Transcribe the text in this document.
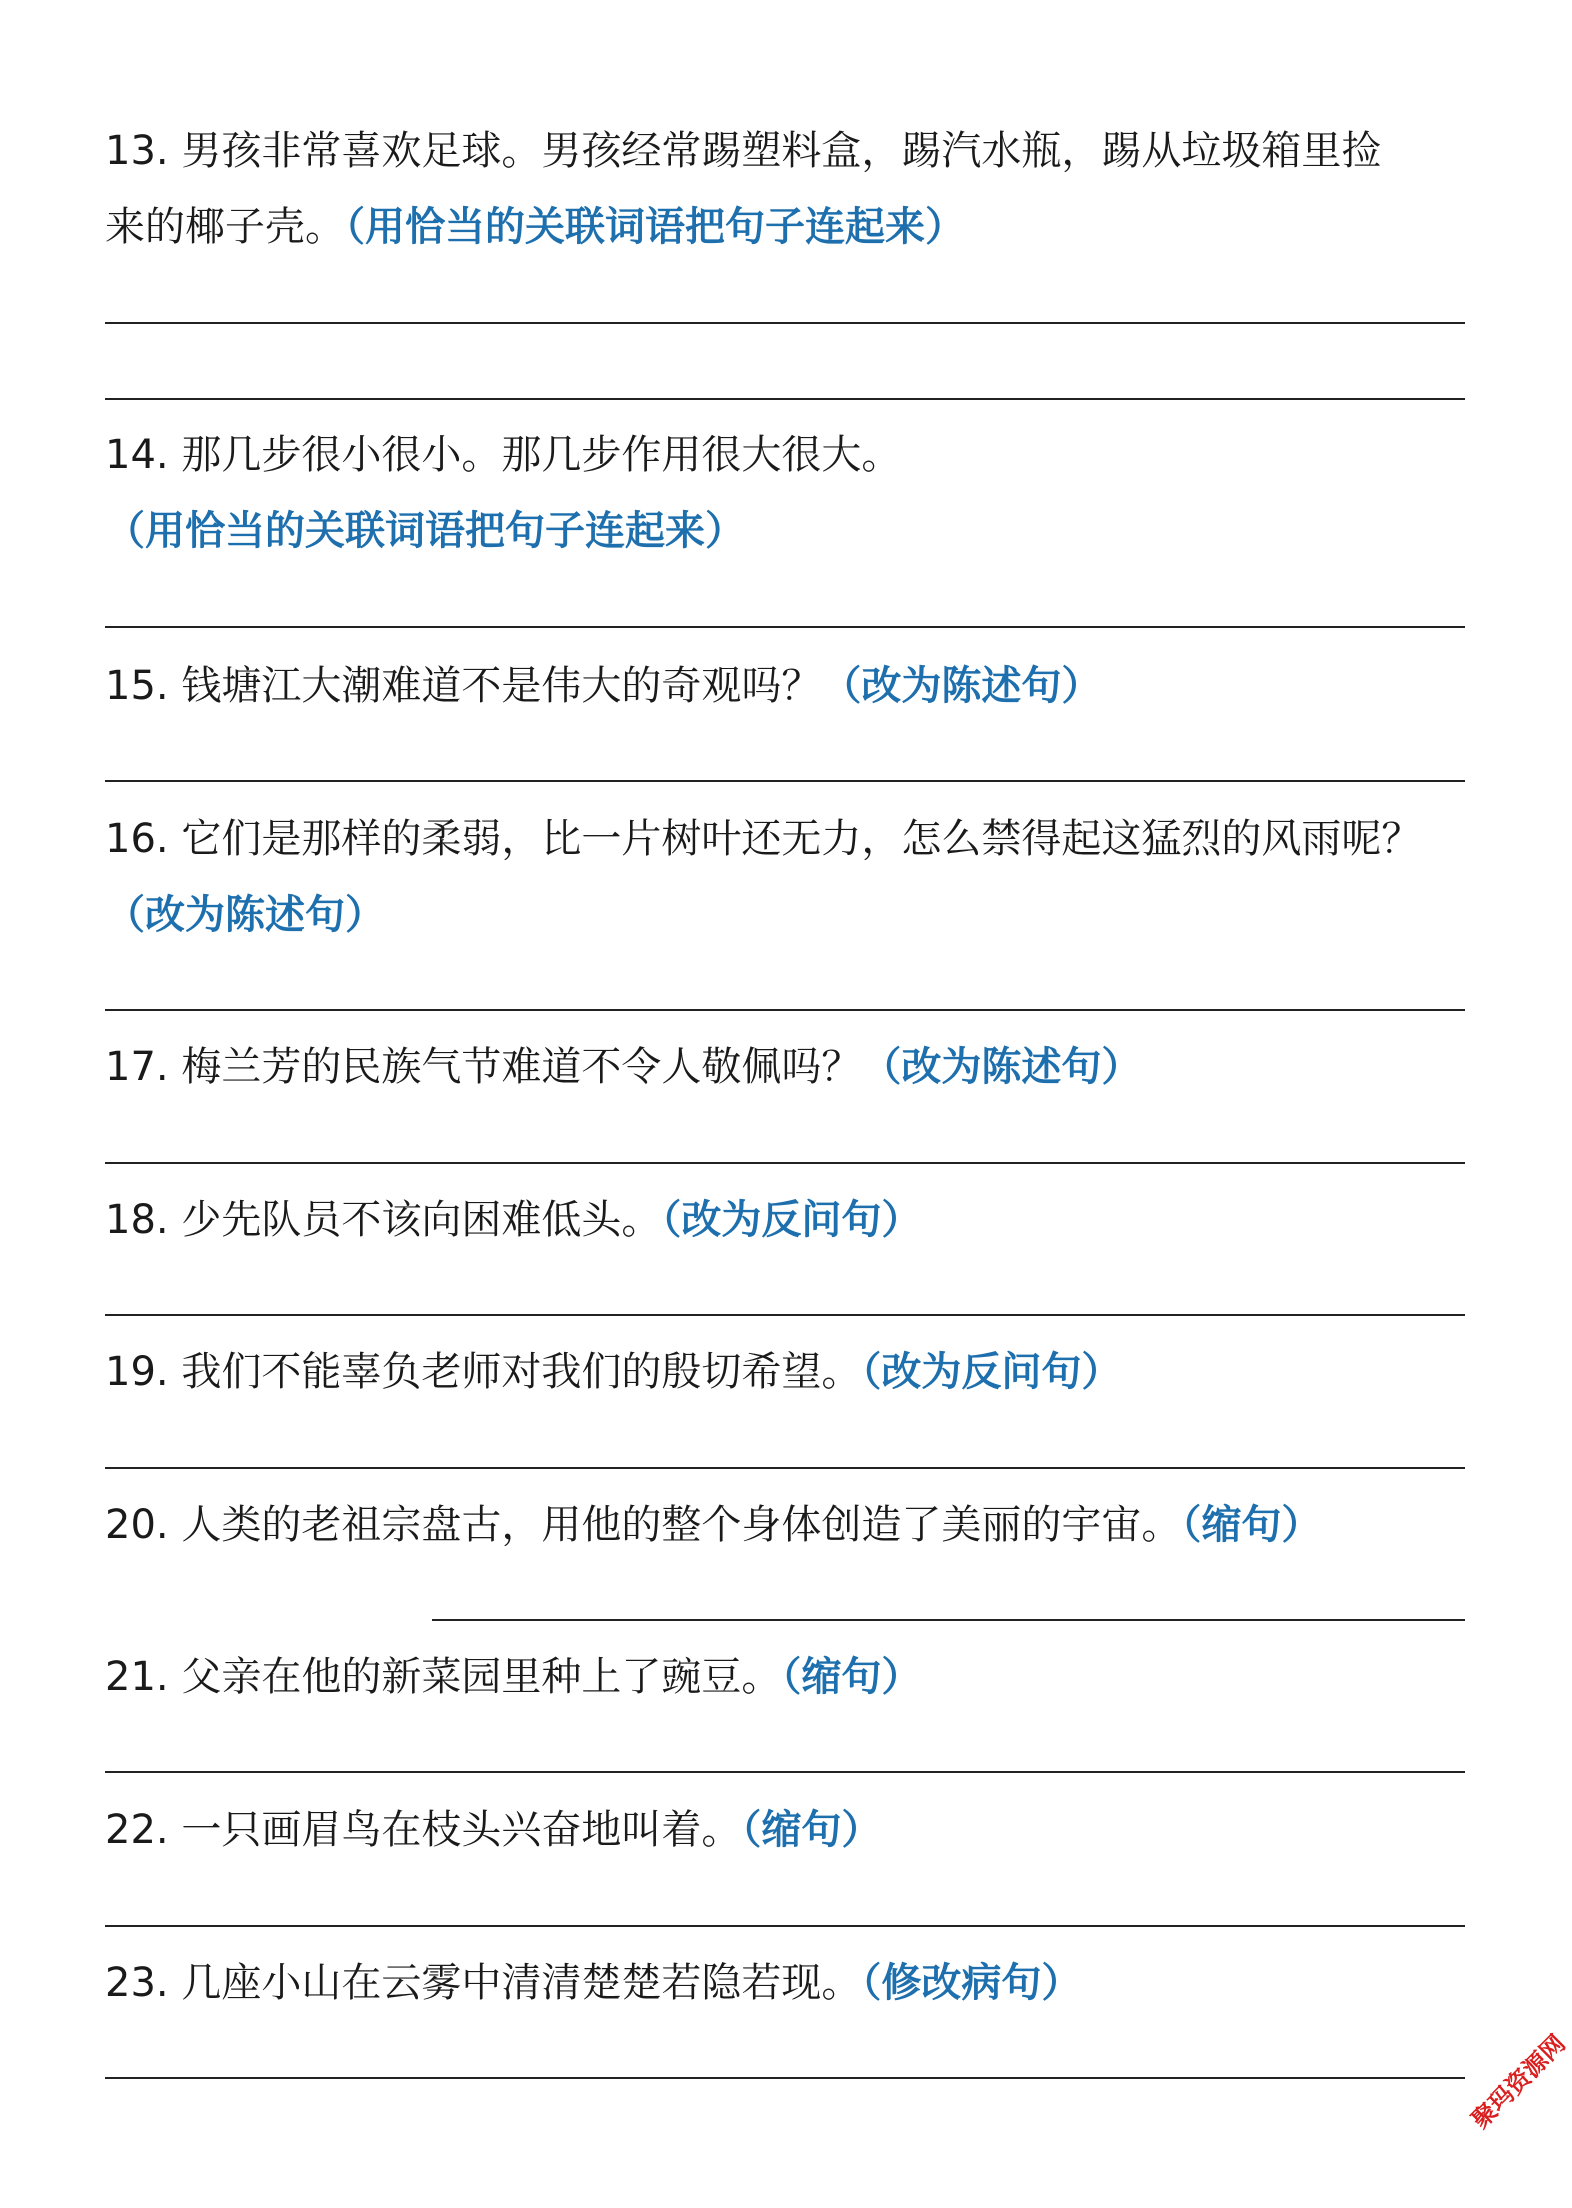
13. 男孩非常喜欢足球。男孩经常踢塑料盒，踢汽水瓶，踢从垃圾箱里捡
来的椰子壳。（用恰当的关联词语把句子连起来）
14. 那几步很小很小。那几步作用很大很大。
（用恰当的关联词语把句子连起来）
15. 钱塘江大潮难道不是伟大的奇观吗？（改为陈述句）
16. 它们是那样的柔弱，比一片树叶还无力，怎么禁得起这猛烈的风雨呢？
（改为陈述句）
17. 梅兰芳的民族气节难道不令人敬佩吗？（改为陈述句）
18. 少先队员不该向困难低头。（改为反问句）
19. 我们不能辜负老师对我们的殷切希望。（改为反问句）
20. 人类的老祖宗盘古，用他的整个身体创造了美丽的宇宙。（缩句）
21. 父亲在他的新菜园里种上了豌豆。（缩句）
22. 一只画眉鸟在枝头兴奋地叫着。（缩句）
23. 几座小山在云雾中清清楚楚若隐若现。（修改病句）
聚玛资源网
